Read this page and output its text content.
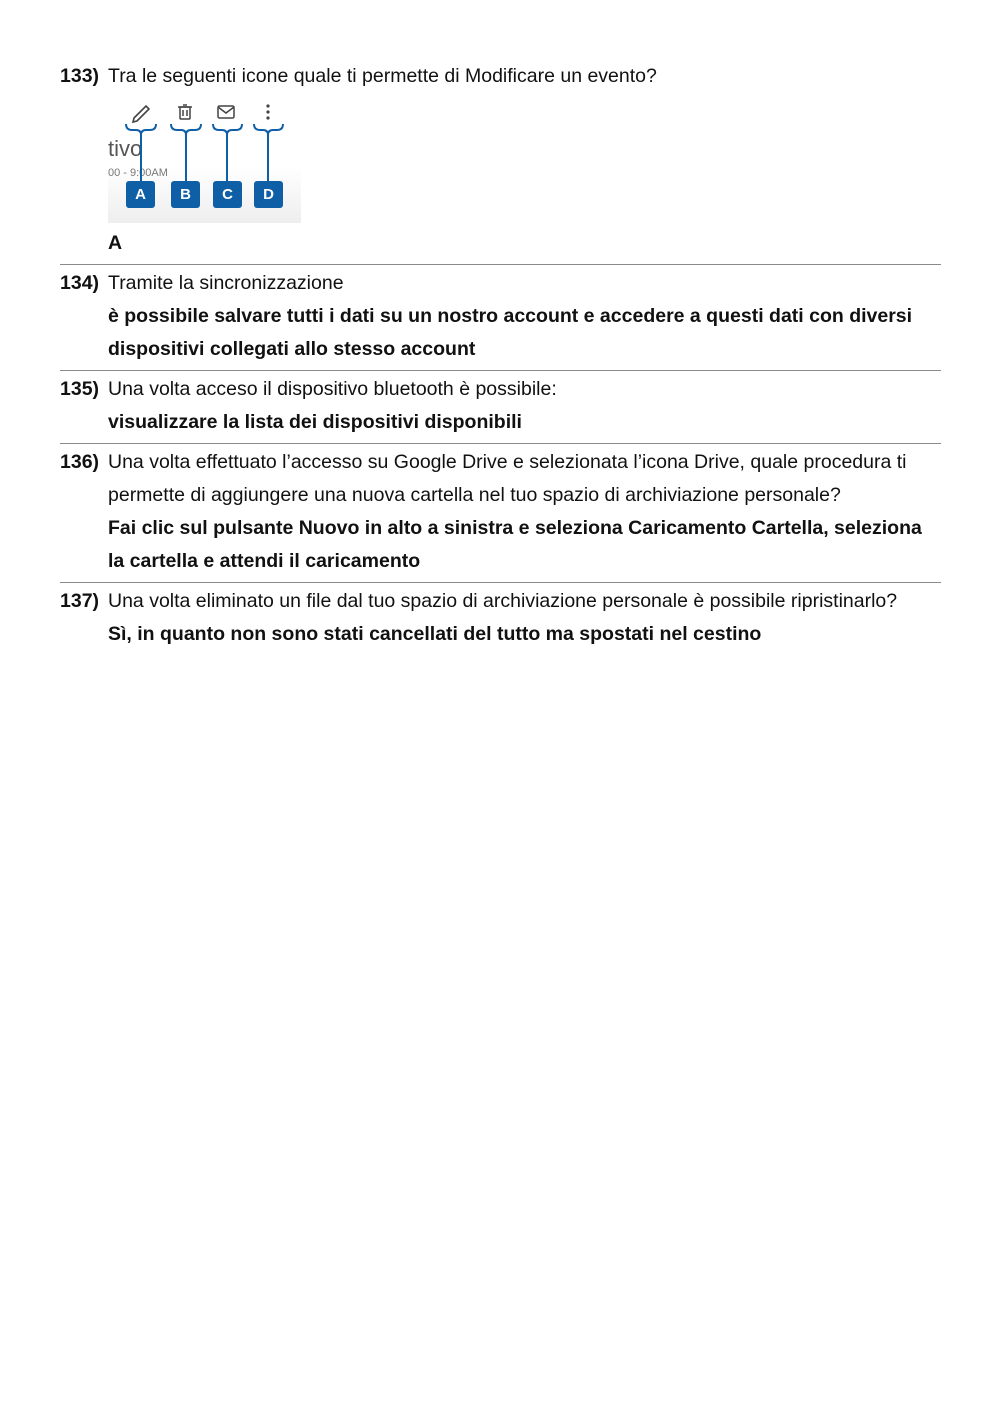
133) Tra le seguenti icone quale ti permette di Modificare un evento?
tivo
00 - 9:00AM
A	B	C	D
A
134) Tramite la sincronizzazione
è possibile salvare tutti i dati su un nostro account e accedere a questi dati con diversi dispositivi collegati allo stesso account
135) Una volta acceso il dispositivo bluetooth è possibile:
visualizzare la lista dei dispositivi disponibili
136) Una volta effettuato l’accesso su Google Drive e selezionata l’icona Drive, quale procedura ti permette di aggiungere una nuova cartella nel tuo spazio di archiviazione personale?
Fai clic sul pulsante Nuovo in alto a sinistra e seleziona Caricamento Cartella, seleziona la cartella e attendi il caricamento
137) Una volta eliminato un file dal tuo spazio di archiviazione personale è possibile ripristinarlo?
Sì, in quanto non sono stati cancellati del tutto ma spostati nel cestino
